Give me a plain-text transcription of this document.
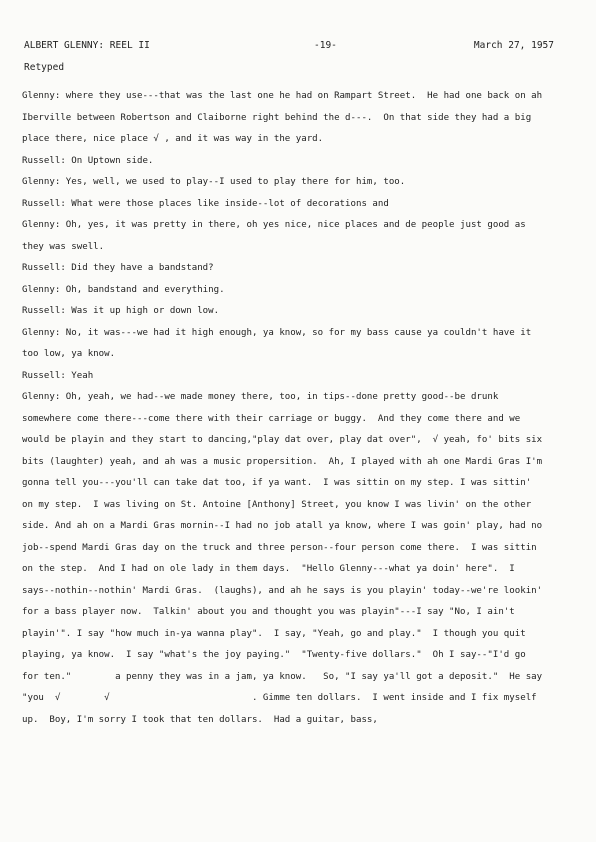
ALBERT GLENNY: REEL II	-19-	March 27, 1957
Retyped

Glenny: where they use---that was the last one he had on Rampart Street.  He had one back on ah Iberville between Robertson and Claiborne right behind the d---.  On that side they had a big place there, nice place √ , and it was way in the yard.

Russell: On Uptown side.

Glenny: Yes, well, we used to play--I used to play there for him, too.

Russell: What were those places like inside--lot of decorations and

Glenny: Oh, yes, it was pretty in there, oh yes nice, nice places and de people just good as they was swell.

Russell: Did they have a bandstand?

Glenny: Oh, bandstand and everything.

Russell: Was it up high or down low.

Glenny: No, it was---we had it high enough, ya know, so for my bass cause ya couldn't have it too low, ya know.

Russell: Yeah

Glenny: Oh, yeah, we had--we made money there, too, in tips--done pretty good--be drunk somewhere come there---come there with their carriage or buggy.  And they come there and we would be playin and they start to dancing,"play dat over, play dat over",  √ yeah, fo' bits six bits (laughter) yeah, and ah was a music propersition.  Ah, I played with ah one Mardi Gras I'm gonna tell you---you'll can take dat too, if ya want.  I was sittin on my step. I was sittin' on my step.  I was living on St. Antoine [Anthony] Street, you know I was livin' on the other side. And ah on a Mardi Gras mornin--I had no job atall ya know, where I was goin' play, had no job--spend Mardi Gras day on the truck and three person--four person come there.  I was sittin on the step.  And I had on ole lady in them days.  "Hello Glenny---what ya doin' here".  I says--nothin--nothin' Mardi Gras.  (laughs), and ah he says is you playin' today--we're lookin' for a bass player now.  Talkin' about you and thought you was playin"---I say "No, I ain't playin'". I say "how much in-ya wanna play".  I say, "Yeah, go and play."  I though you quit playing, ya know.  I say "what's the joy paying."  "Twenty-five dollars."  Oh I say--"I'd go for ten."        a penny they was in a jam, ya know.   So, "I say ya'll got a deposit."  He say "you  √        √                          . Gimme ten dollars.  I went inside and I fix myself up.  Boy, I'm sorry I took that ten dollars.  Had a guitar, bass,
